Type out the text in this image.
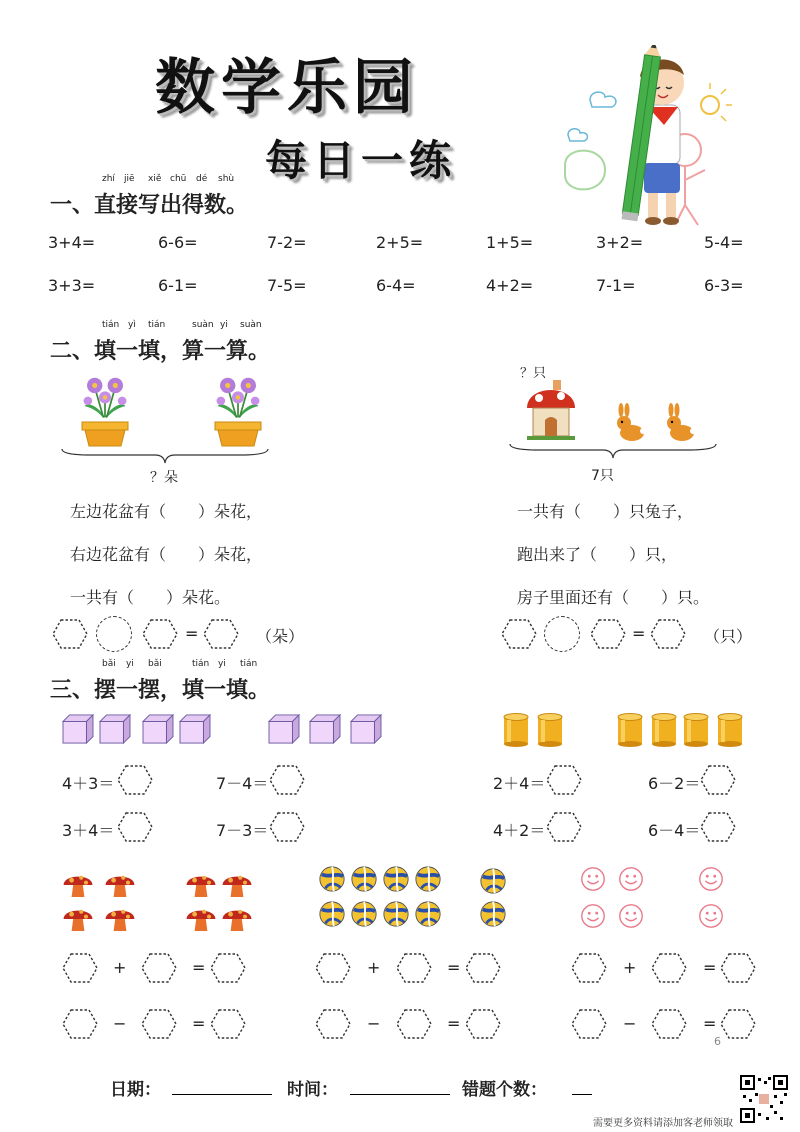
数学乐园
每日一练
一、直接写出得数。
zhí jiē xiě chū dé shù
3+4=	6-6=	7-2=	2+5=	1+5=	3+2=	5-4=
3+3=	6-1=	7-5=	6-4=	4+2=	7-1=	6-3=
二、填一填，算一算。
tián yì tián	suàn yi suàn
？朵
？只
7只
左边花盆有（　　）朵花，
右边花盆有（　　）朵花，
一共有（　　）朵花。
一共有（　　）只兔子，
跑出来了（　　）只，
房子里面还有（　　）只。
=	（朵）	=	（只）
三、摆一摆，填一填。
bǎi yi bǎi	tián yi tián
4＋3＝	7－4＝
3＋4＝	7－3＝
2＋4＝	6－2＝
4＋2＝	6－4＝
+	=	+	=	+	=
−	=	−	=	−	=
6
日期：	时间：	错题个数：
需要更多资料请添加客老师领取
